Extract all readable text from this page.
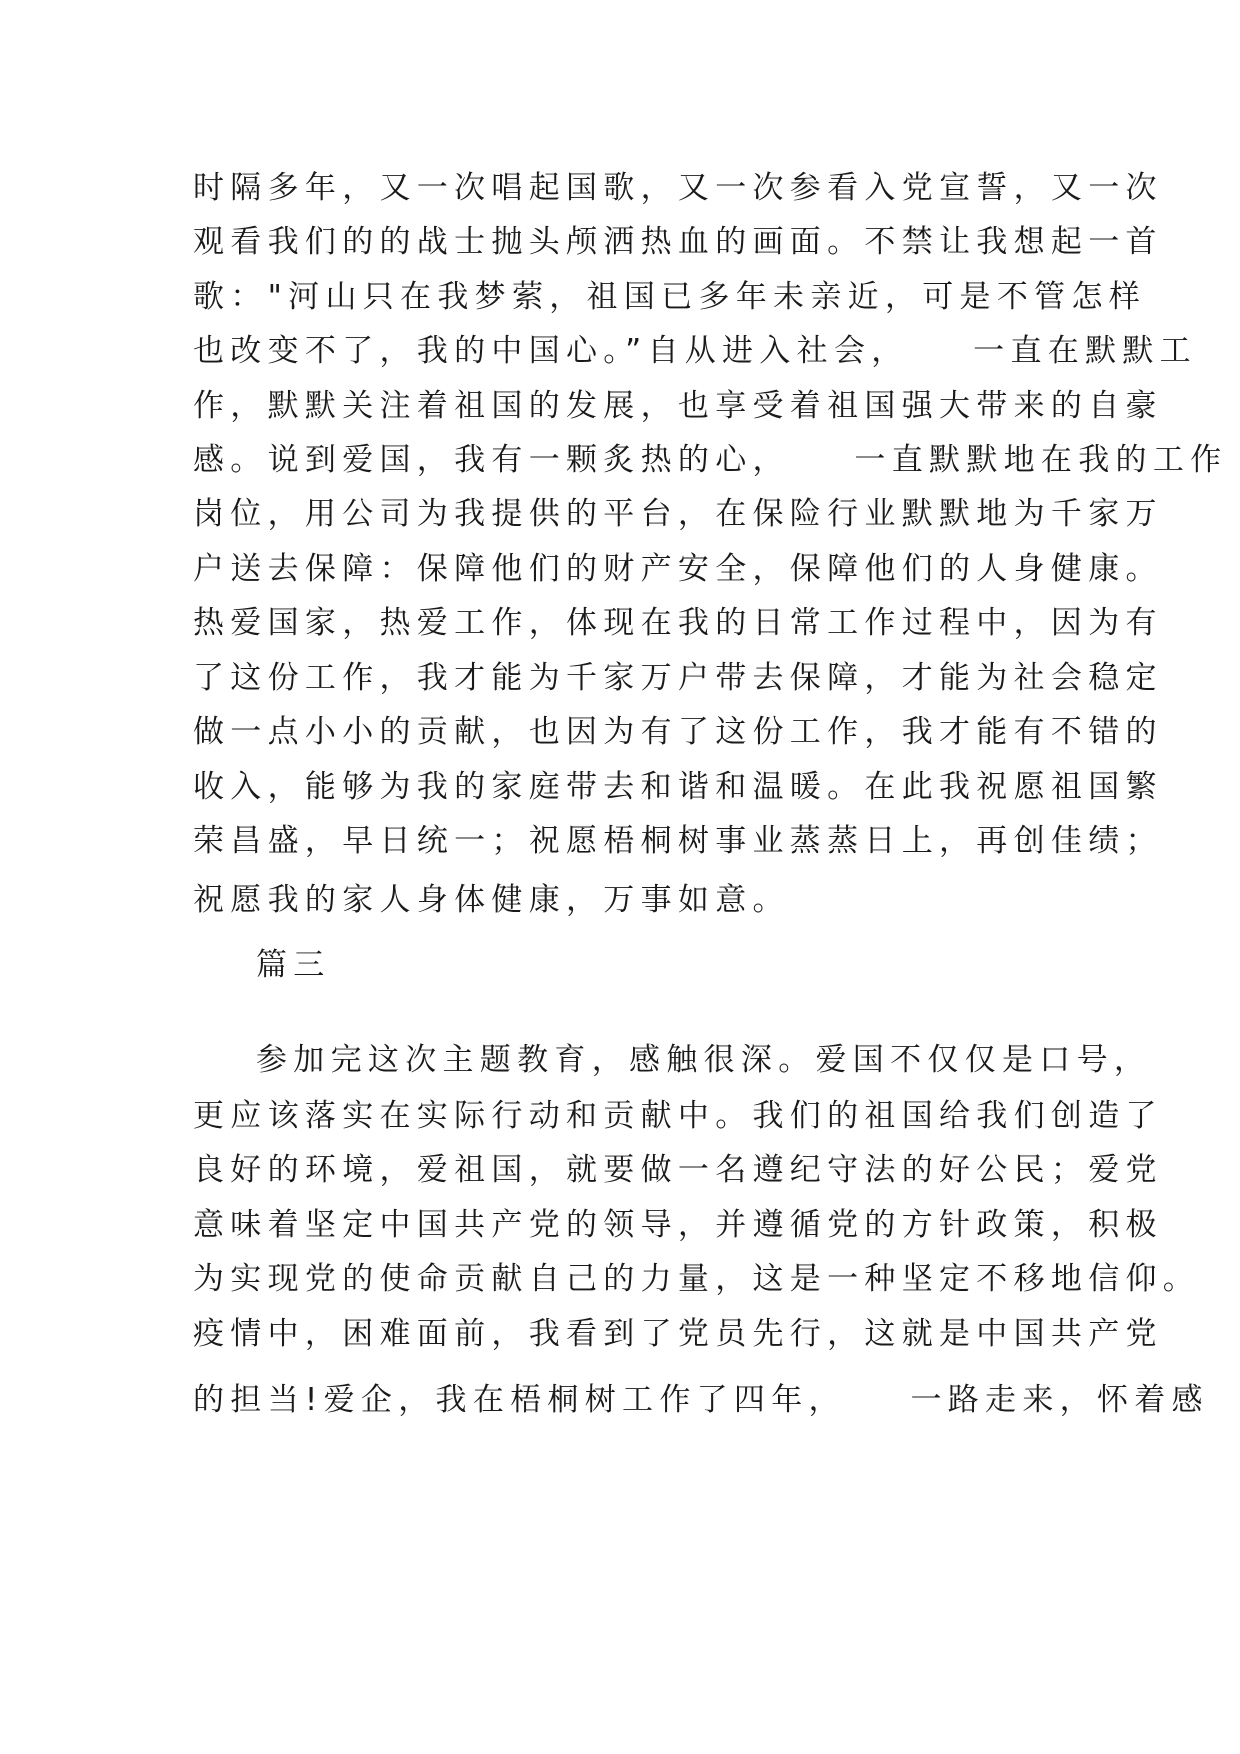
时隔多年，又一次唱起国歌，又一次参看入党宣誓，又一次
观看我们的的战士抛头颅洒热血的画面。不禁让我想起一首
歌："河山只在我梦萦，祖国已多年未亲近，可是不管怎样
也改变不了，我的中国心。”自从进入社会，    一直在默默工
作，默默关注着祖国的发展，也享受着祖国强大带来的自豪
感。说到爱国，我有一颗炙热的心，    一直默默地在我的工作
岗位，用公司为我提供的平台，在保险行业默默地为千家万
户送去保障：保障他们的财产安全，保障他们的人身健康。
热爱国家，热爱工作，体现在我的日常工作过程中，因为有
了这份工作，我才能为千家万户带去保障，才能为社会稳定
做一点小小的贡献，也因为有了这份工作，我才能有不错的
收入，能够为我的家庭带去和谐和温暖。在此我祝愿祖国繁
荣昌盛，早日统一；祝愿梧桐树事业蒸蒸日上，再创佳绩；
祝愿我的家人身体健康，万事如意。
篇三
参加完这次主题教育，感触很深。爱国不仅仅是口号，
更应该落实在实际行动和贡献中。我们的祖国给我们创造了
良好的环境，爱祖国，就要做一名遵纪守法的好公民；爱党
意味着坚定中国共产党的领导，并遵循党的方针政策，积极
为实现党的使命贡献自己的力量，这是一种坚定不移地信仰。
疫情中，困难面前，我看到了党员先行，这就是中国共产党
的担当!爱企，我在梧桐树工作了四年，    一路走来，怀着感
